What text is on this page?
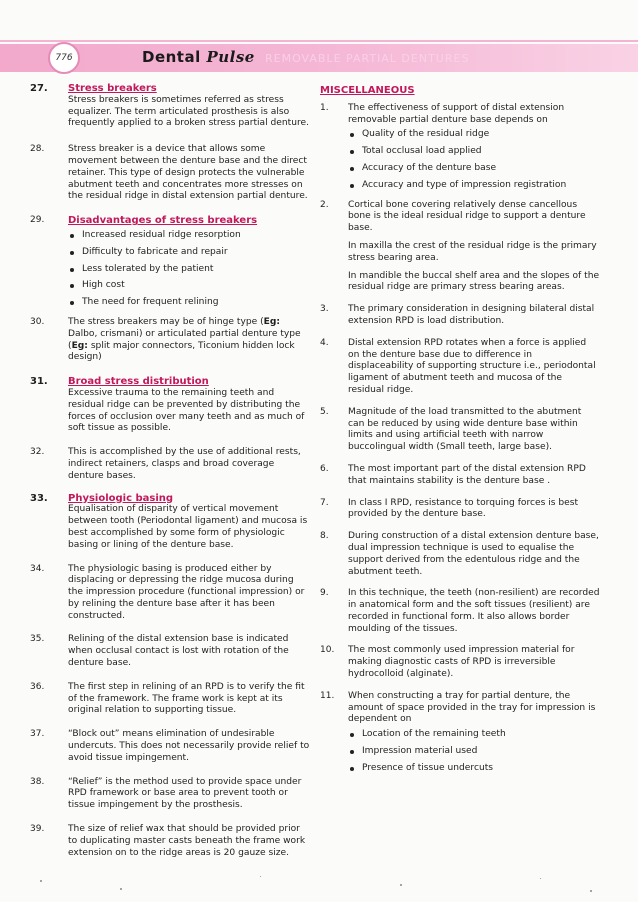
776	Dental Pulse REMOVABLE PARTIAL DENTURES
27. Stress breakers
Stress breakers is sometimes referred as stress equalizer. The term articulated prosthesis is also frequently applied to a broken stress partial denture.
28.	Stress breaker is a device that allows some movement between the denture base and the direct retainer. This type of design protects the vulnerable abutment teeth and concentrates more stresses on the residual ridge in distal extension partial denture.
29. Disadvantages of stress breakers
Increased residual ridge resorption
Difficulty to fabricate and repair
Less tolerated by the patient
High cost
The need for frequent relining
30.	The stress breakers may be of hinge type (Eg: Dalbo, crismani) or articulated partial denture type (Eg: split major connectors, Ticonium hidden lock design)
31. Broad stress distribution
Excessive trauma to the remaining teeth and residual ridge can be prevented by distributing the forces of occlusion over many teeth and as much of soft tissue as possible.
32.	This is accomplished by the use of additional rests, indirect retainers, clasps and broad coverage denture bases.
33. Physiologic basing
Equalisation of disparity of vertical movement between tooth (Periodontal ligament) and mucosa is best accomplished by some form of physiologic basing or lining of the denture base.
34.	The physiologic basing is produced either by displacing or depressing the ridge mucosa during the impression procedure (functional impression) or by relining the denture base after it has been constructed.
35.	Relining of the distal extension base is indicated when occlusal contact is lost with rotation of the denture base.
36.	The first step in relining of an RPD is to verify the fit of the framework. The frame work is kept at its original relation to supporting tissue.
37.	“Block out” means elimination of undesirable undercuts. This does not necessarily provide relief to avoid tissue impingement.
38.	“Relief” is the method used to provide space under RPD framework or base area to prevent tooth or tissue impingement by the prosthesis.
39.	The size of relief wax that should be provided prior to duplicating master casts beneath the frame work extension on to the ridge areas is 20 gauze size.
MISCELLANEOUS
1. The effectiveness of support of distal extension removable partial denture base depends on
Quality of the residual ridge
Total occlusal load applied
Accuracy of the denture base
Accuracy and type of impression registration
2. Cortical bone covering relatively dense cancellous bone is the ideal residual ridge to support a denture base.
In maxilla the crest of the residual ridge is the primary stress bearing area.
In mandible the buccal shelf area and the slopes of the residual ridge are primary stress bearing areas.
3. The primary consideration in designing bilateral distal extension RPD is load distribution.
4. Distal extension RPD rotates when a force is applied on the denture base due to difference in displaceability of supporting structure i.e., periodontal ligament of abutment teeth and mucosa of the residual ridge.
5. Magnitude of the load transmitted to the abutment can be reduced by using wide denture base within limits and using artificial teeth with narrow buccolingual width (Small teeth, large base).
6. The most important part of the distal extension RPD that maintains stability is the denture base .
7. In class I RPD, resistance to torquing forces is best provided by the denture base.
8. During construction of a distal extension denture base, dual impression technique is used to equalise the support derived from the edentulous ridge and the abutment teeth.
9. In this technique, the teeth (non-resilient) are recorded in anatomical form and the soft tissues (resilient) are recorded in functional form. It also allows border moulding of the tissues.
10. The most commonly used impression material for making diagnostic casts of RPD is irreversible hydrocolloid (alginate).
11. When constructing a tray for partial denture, the amount of space provided in the tray for impression is dependent on
Location of the remaining teeth
Impression material used
Presence of tissue undercuts
